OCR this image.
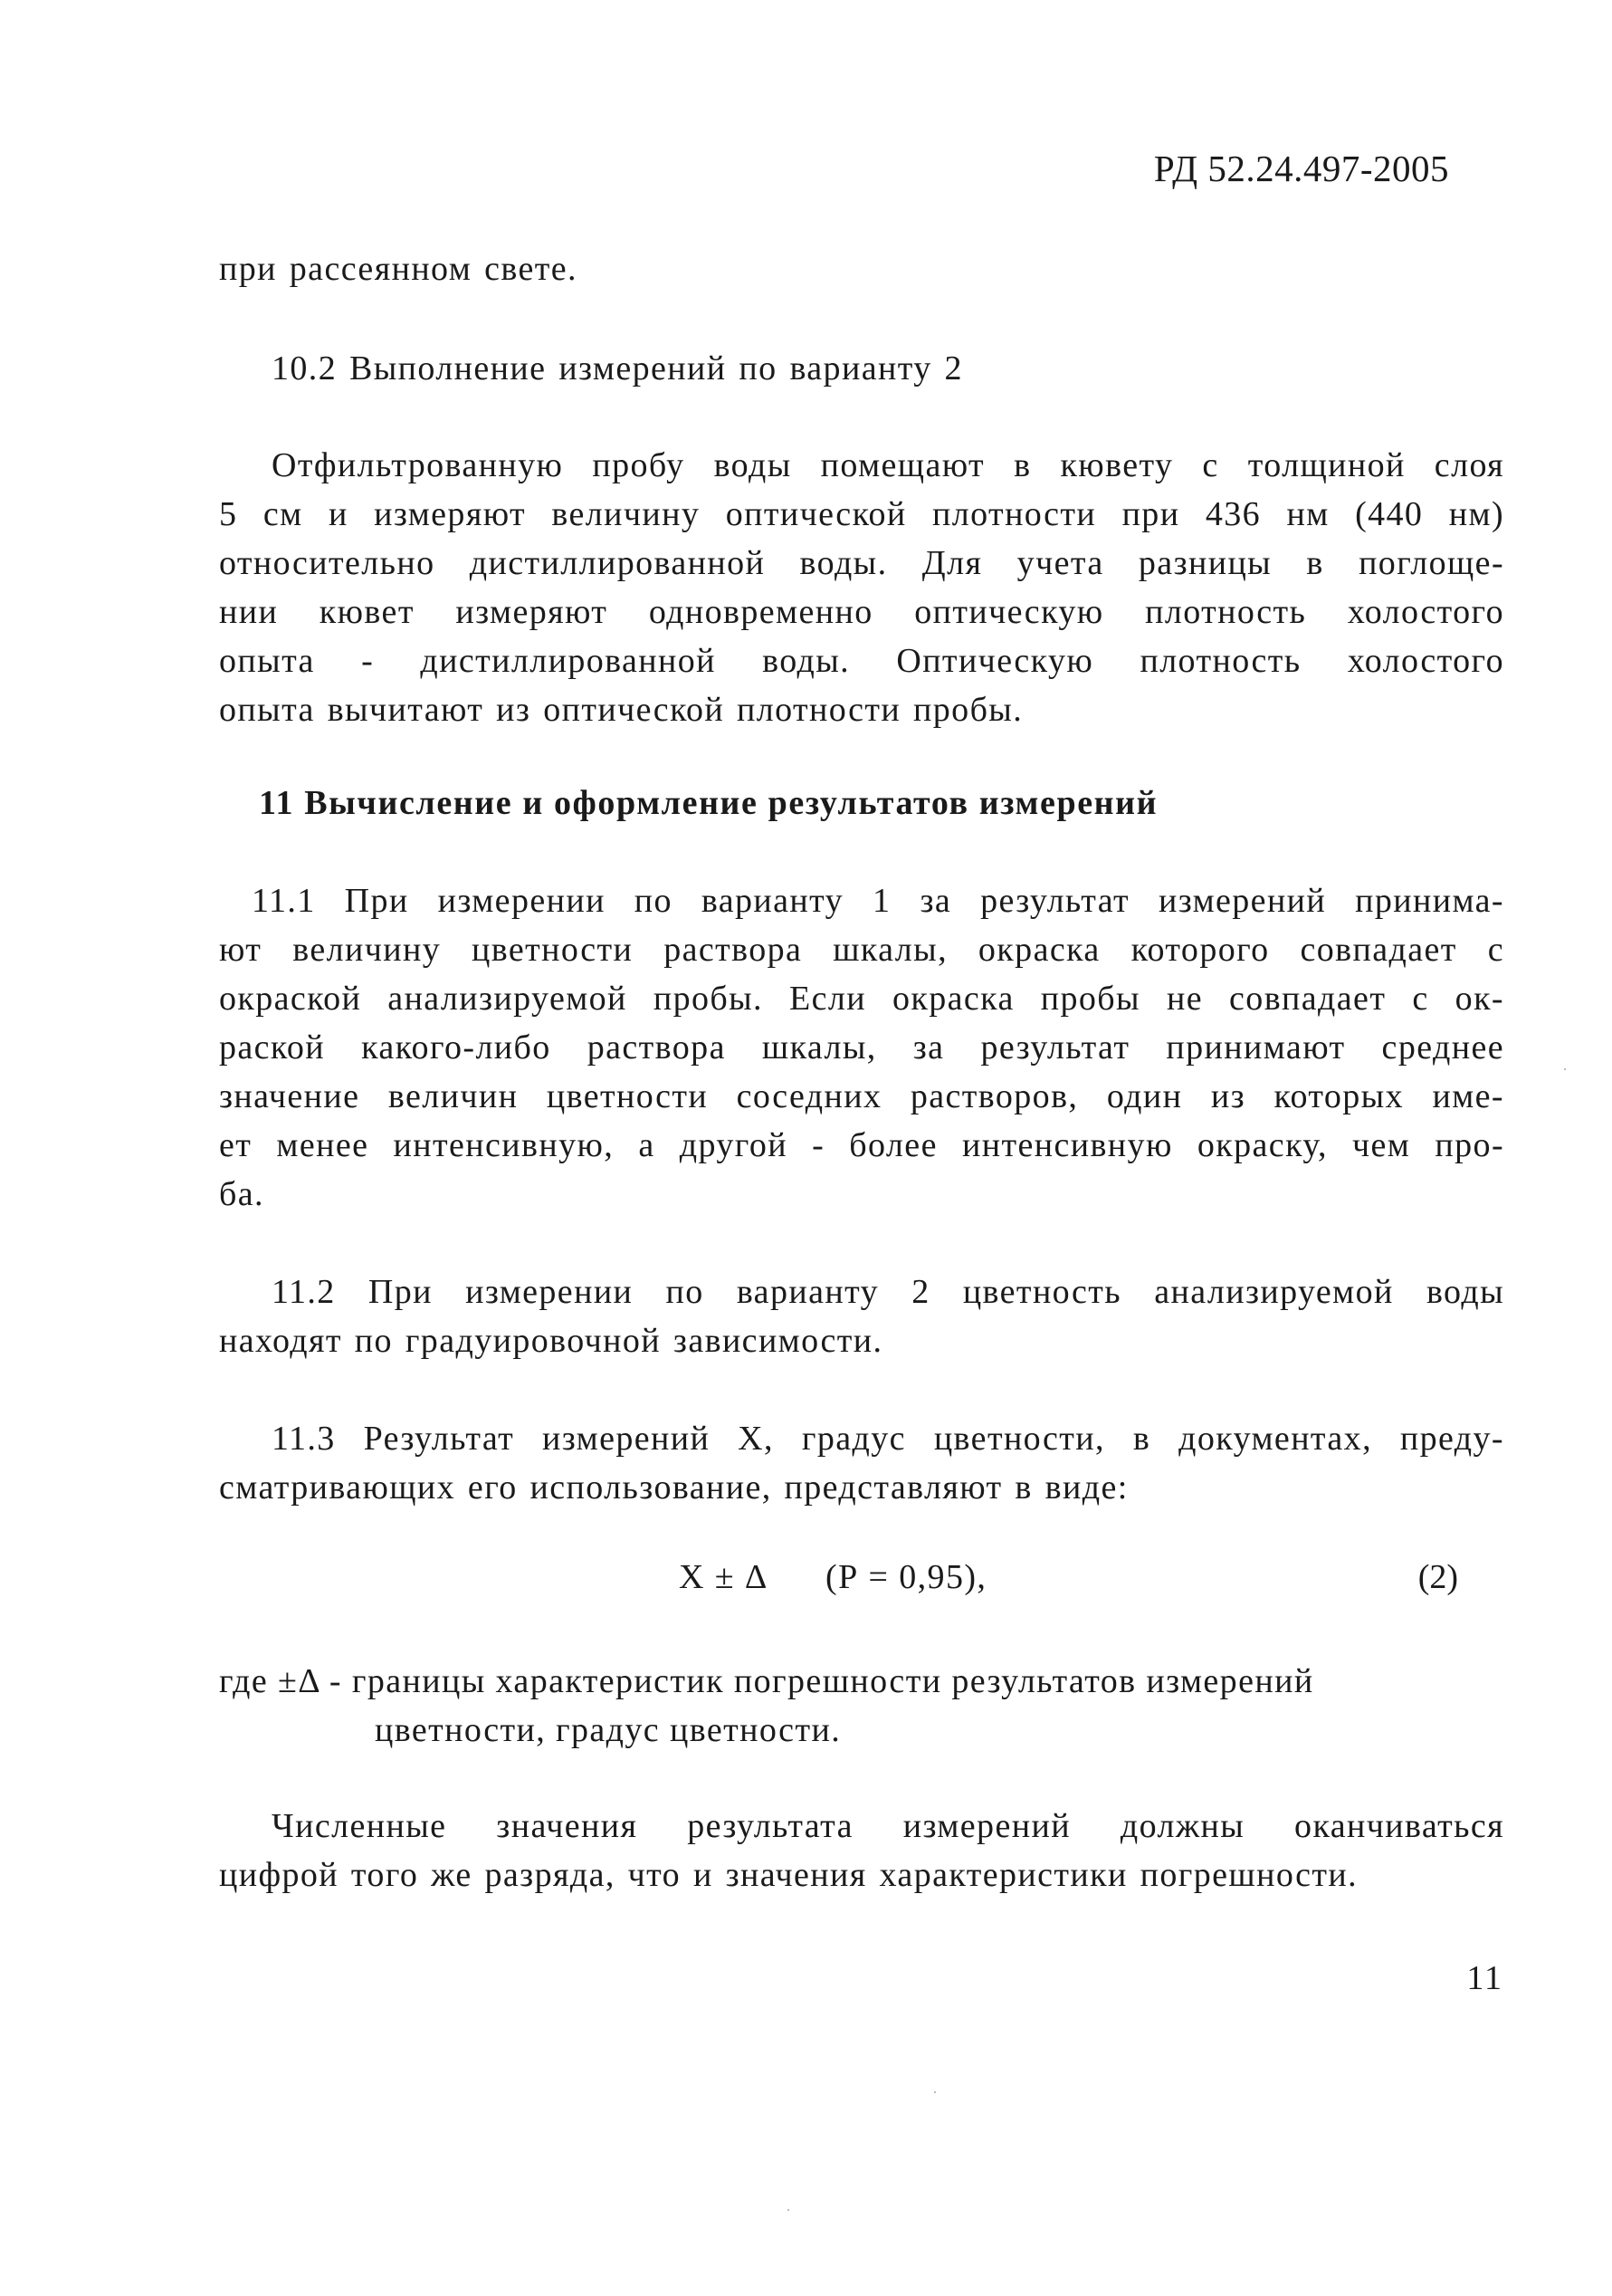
РД 52.24.497-2005
при рассеянном свете.
10.2 Выполнение измерений по варианту 2
Отфильтрованную пробу воды помещают в кювету с толщиной слоя
5 см и измеряют величину оптической плотности при 436 нм (440 нм)
относительно дистиллированной воды. Для учета разницы в поглоще-
нии кювет измеряют одновременно оптическую плотность холостого
опыта - дистиллированной воды. Оптическую плотность холостого
опыта вычитают из оптической плотности пробы.
11 Вычисление и оформление результатов измерений
11.1 При измерении по варианту 1 за результат измерений принима-
ют величину цветности раствора шкалы, окраска которого совпадает с
окраской анализируемой пробы. Если окраска пробы не совпадает с ок-
раской какого-либо раствора шкалы, за результат принимают среднее
значение величин цветности соседних растворов, один из которых име-
ет менее интенсивную, а другой - более интенсивную окраску, чем про-
ба.
11.2 При измерении по варианту 2 цветность анализируемой воды
находят по градуировочной зависимости.
11.3 Результат измерений Х, градус цветности, в документах, преду-
сматривающих его использование, представляют в виде:
Х ± Δ      (Р = 0,95),	(2)
где ±Δ - границы характеристик погрешности результатов измерений
цветности, градус цветности.
Численные значения результата измерений должны оканчиваться
цифрой того же разряда, что и значения характеристики погрешности.
11
